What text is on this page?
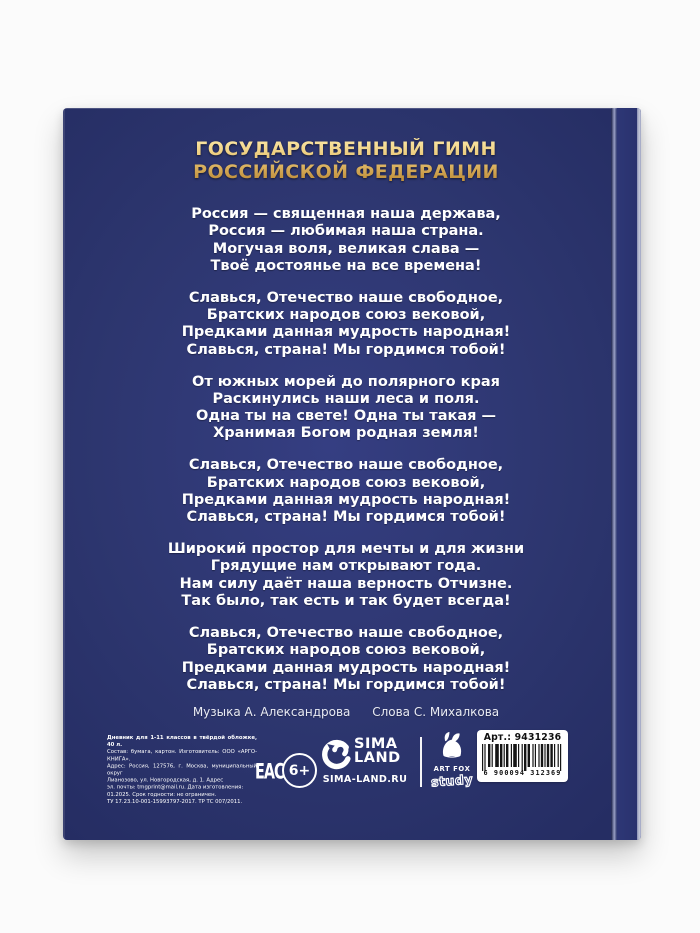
ГОСУДАРСТВЕННЫЙ ГИМН
РОССИЙСКОЙ ФЕДЕРАЦИИ
Россия — священная наша держава,
Россия — любимая наша страна.
Могучая воля, великая слава —
Твоё достоянье на все времена!
Славься, Отечество наше свободное,
Братских народов союз вековой,
Предками данная мудрость народная!
Славься, страна! Мы гордимся тобой!
От южных морей до полярного края
Раскинулись наши леса и поля.
Одна ты на свете! Одна ты такая —
Хранимая Богом родная земля!
Славься, Отечество наше свободное,
Братских народов союз вековой,
Предками данная мудрость народная!
Славься, страна! Мы гордимся тобой!
Широкий простор для мечты и для жизни
Грядущие нам открывают года.
Нам силу даёт наша верность Отчизне.
Так было, так есть и так будет всегда!
Славься, Отечество наше свободное,
Братских народов союз вековой,
Предками данная мудрость народная!
Славься, страна! Мы гордимся тобой!
Музыка А. Александрова Слова С. Михалкова
Дневник для 1-11 классов в твёрдой обложке, 40 л.
Состав: бумага, картон. Изготовитель: ООО «АРГО-КНИГА».
Адрес: Россия, 127576, г. Москва, муниципальный округ
Лианозово, ул. Новгородская, д. 1. Адрес
эл. почты: tmgprint@mail.ru. Дата изготовления:
01.2025. Срок годности: не ограничен.
ТУ 17.23.10-001-15993797-2017. ТР ТС 007/2011.
ЕАС 6+
SIMA
LAND
SIMA-LAND.RU
ART FOX
study
Арт.: 9431236
6 900094 312369
